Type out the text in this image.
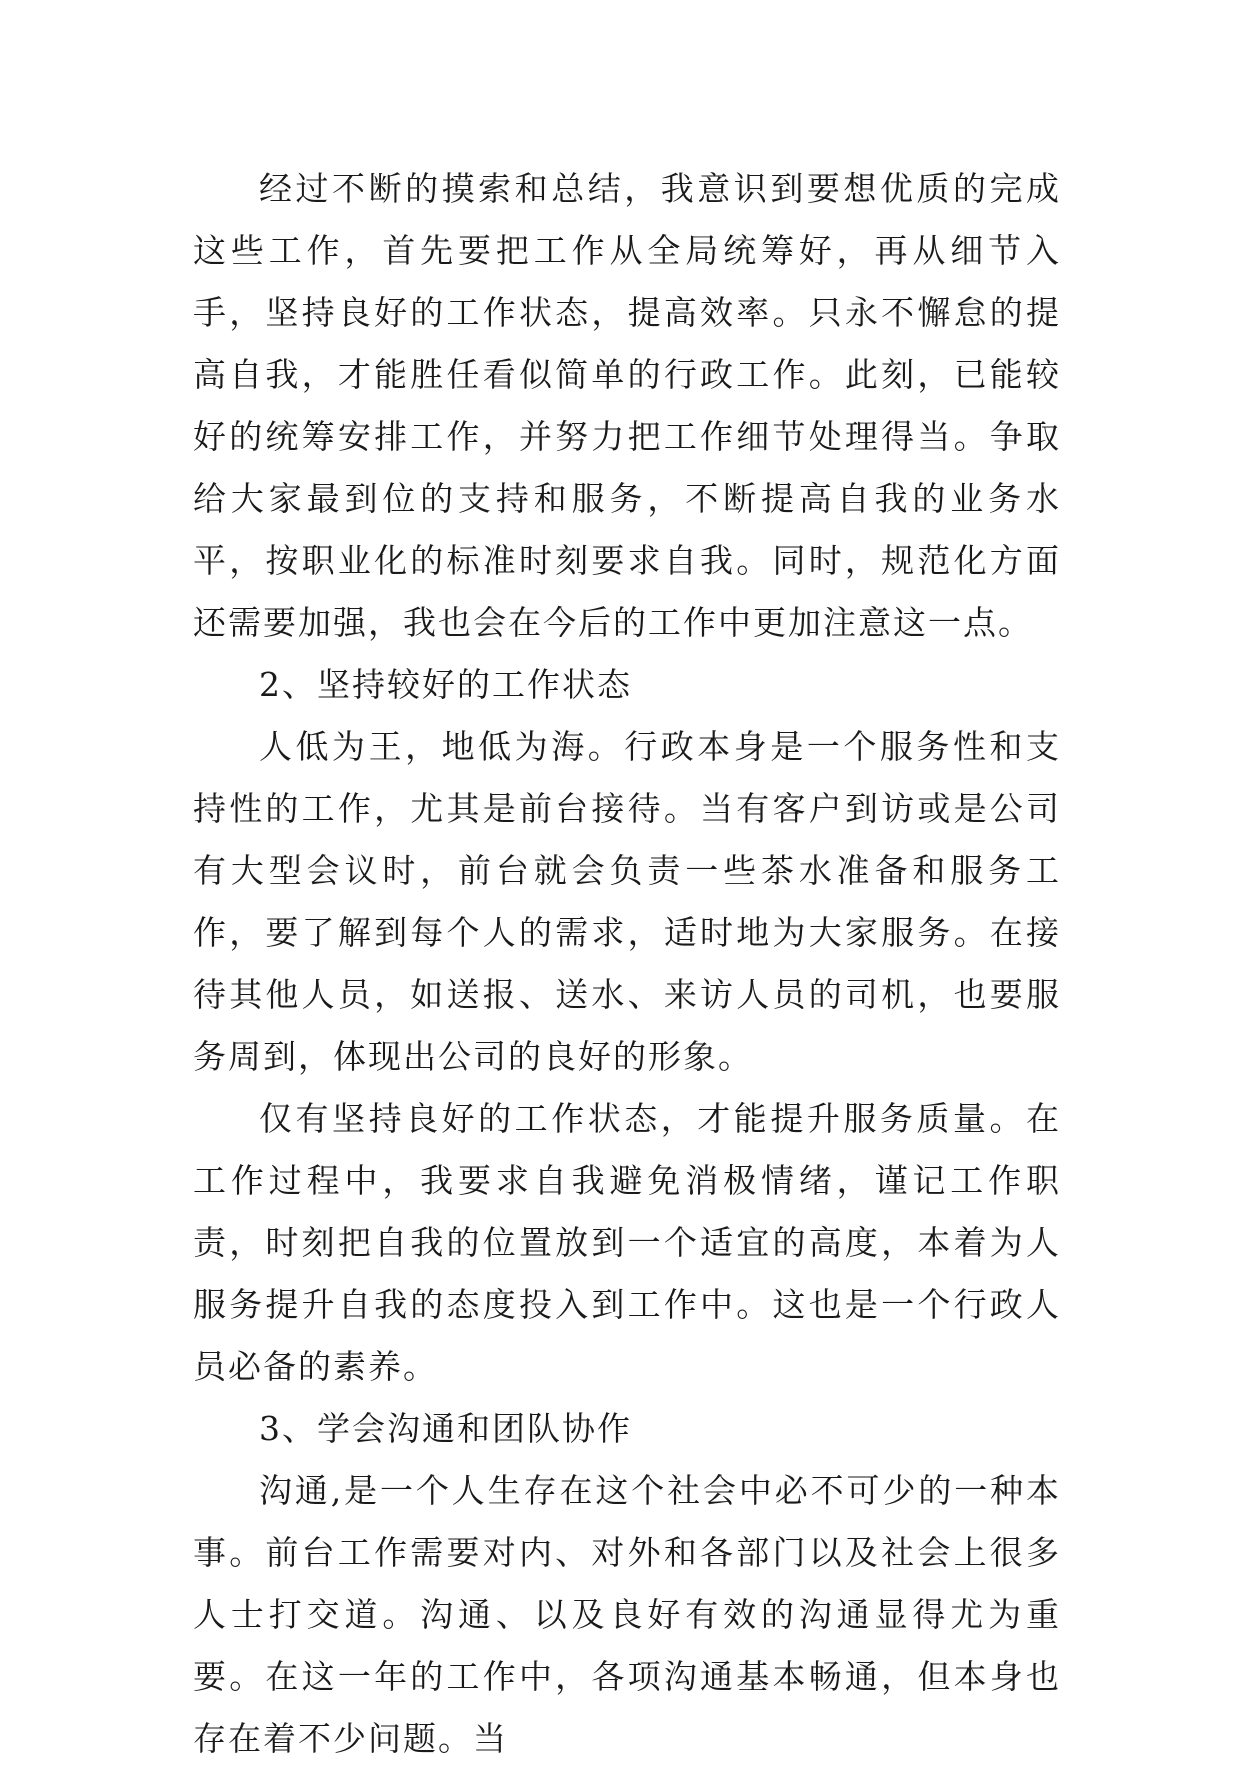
经过不断的摸索和总结，我意识到要想优质的完成这些工作，首先要把工作从全局统筹好，再从细节入手，坚持良好的工作状态，提高效率。只永不懈怠的提高自我，才能胜任看似简单的行政工作。此刻，已能较好的统筹安排工作，并努力把工作细节处理得当。争取给大家最到位的支持和服务，不断提高自我的业务水平，按职业化的标准时刻要求自我。同时，规范化方面还需要加强，我也会在今后的工作中更加注意这一点。

2、坚持较好的工作状态

人低为王，地低为海。行政本身是一个服务性和支持性的工作，尤其是前台接待。当有客户到访或是公司有大型会议时，前台就会负责一些茶水准备和服务工作，要了解到每个人的需求，适时地为大家服务。在接待其他人员，如送报、送水、来访人员的司机，也要服务周到，体现出公司的良好的形象。

仅有坚持良好的工作状态，才能提升服务质量。在工作过程中，我要求自我避免消极情绪，谨记工作职责，时刻把自我的位置放到一个适宜的高度，本着为人服务提升自我的态度投入到工作中。这也是一个行政人员必备的素养。

3、学会沟通和团队协作

沟通,是一个人生存在这个社会中必不可少的一种本事。前台工作需要对内、对外和各部门以及社会上很多人士打交道。沟通、以及良好有效的沟通显得尤为重要。在这一年的工作中，各项沟通基本畅通，但本身也存在着不少问题。当
